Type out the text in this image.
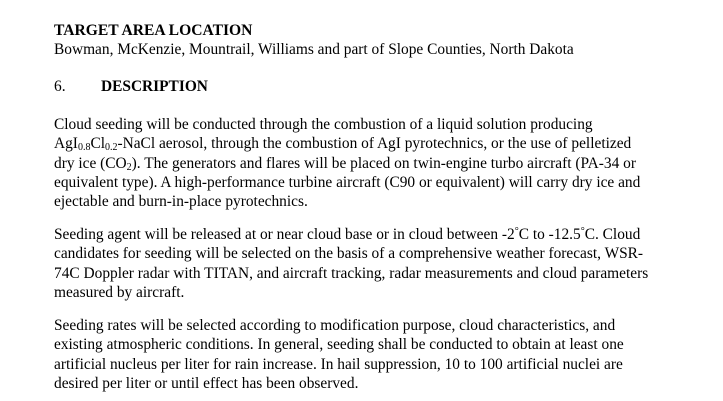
TARGET AREA LOCATION

Bowman, McKenzie, Mountrail, Williams and part of Slope Counties, North Dakota

6. DESCRIPTION

Cloud seeding will be conducted through the combustion of a liquid solution producing
$AgI_{0.8}Cl_{0.2}$-NaCl aerosol, through the combustion of AgI pyrotechnics, or the use of pelletized
dry ice $(CO_2)$. The generators and flares will be placed on twin-engine turbo aircraft (PA-34 or
equivalent type). A high-performance turbine aircraft (C90 or equivalent) will carry dry ice and
ejectable and burn-in-place pyrotechnics.

Seeding agent will be released at or near cloud base or in cloud between -2°C to -12.5°C. Cloud
candidates for seeding will be selected on the basis of a comprehensive weather forecast, WSR-
74C Doppler radar with TITAN, and aircraft tracking, radar measurements and cloud parameters
measured by aircraft.

Seeding rates will be selected according to modification purpose, cloud characteristics, and
existing atmospheric conditions. In general, seeding shall be conducted to obtain at least one
artificial nucleus per liter for rain increase. In hail suppression, 10 to 100 artificial nuclei are
desired per liter or until effect has been observed.
